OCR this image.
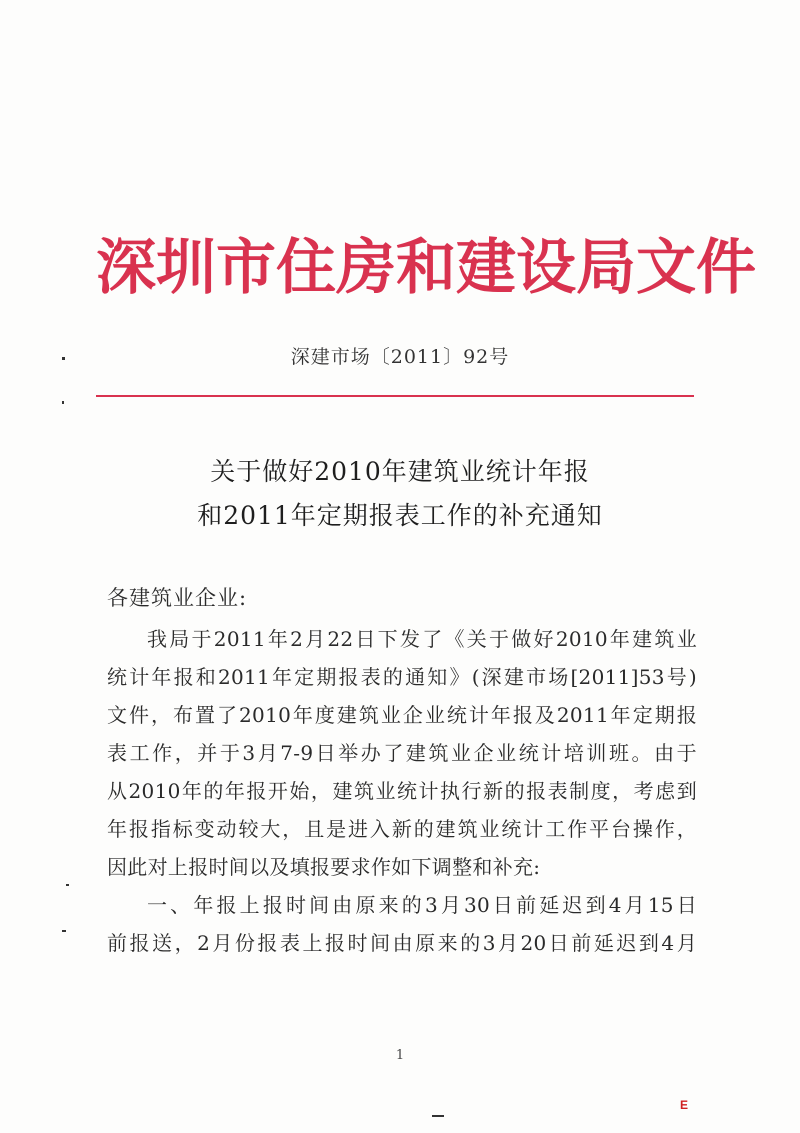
深圳市住房和建设局文件
深建市场〔2011〕92号
关于做好2010年建筑业统计年报
和2011年定期报表工作的补充通知
各建筑业企业:
我局于2011年2月22日下发了《关于做好2010年建筑业
统计年报和2011年定期报表的通知》(深建市场[2011]53号)
文件，布置了2010年度建筑业企业统计年报及2011年定期报
表工作，并于3月7-9日举办了建筑业企业统计培训班。由于
从2010年的年报开始，建筑业统计执行新的报表制度，考虑到
年报指标变动较大，且是进入新的建筑业统计工作平台操作，
因此对上报时间以及填报要求作如下调整和补充:
一、年报上报时间由原来的3月30日前延迟到4月15日
前报送，2月份报表上报时间由原来的3月20日前延迟到4月
1
E
